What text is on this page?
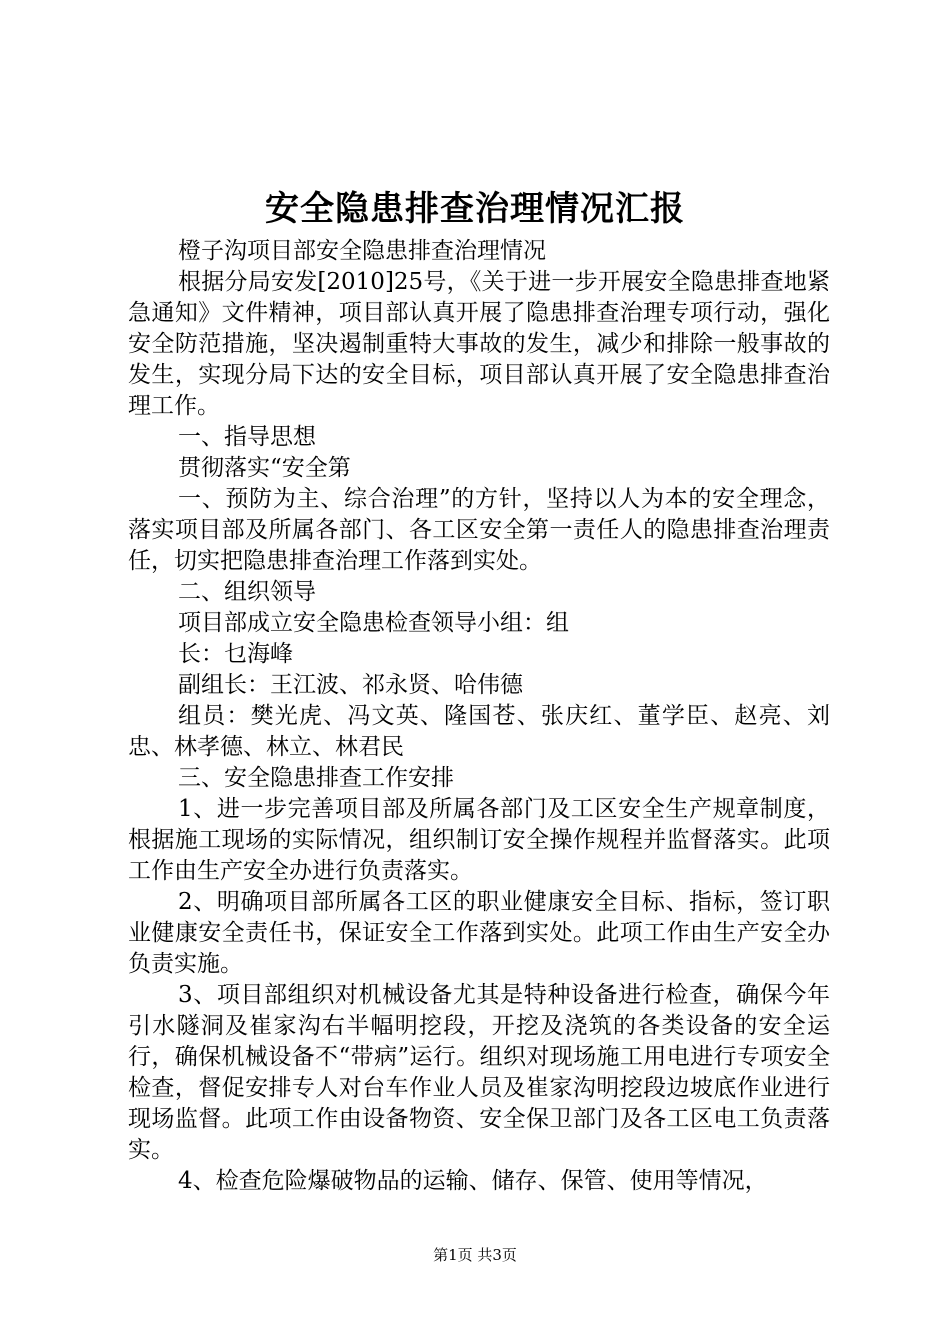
安全隐患排查治理情况汇报

橙子沟项目部安全隐患排查治理情况

根据分局安发[2010]25号，《关于进一步开展安全隐患排查地紧急通知》文件精神，项目部认真开展了隐患排查治理专项行动，强化安全防范措施，坚决遏制重特大事故的发生，减少和排除一般事故的发生，实现分局下达的安全目标，项目部认真开展了安全隐患排查治理工作。

一、指导思想

贯彻落实“安全第

一、预防为主、综合治理”的方针，坚持以人为本的安全理念，落实项目部及所属各部门、各工区安全第一责任人的隐患排查治理责任，切实把隐患排查治理工作落到实处。

二、组织领导

项目部成立安全隐患检查领导小组：组

长：乜海峰

副组长：王江波、祁永贤、哈伟德

组员：樊光虎、冯文英、隆国苍、张庆红、董学臣、赵亮、刘忠、林孝德、林立、林君民

三、安全隐患排查工作安排

1、进一步完善项目部及所属各部门及工区安全生产规章制度，根据施工现场的实际情况，组织制订安全操作规程并监督落实。此项工作由生产安全办进行负责落实。

2、明确项目部所属各工区的职业健康安全目标、指标，签订职业健康安全责任书，保证安全工作落到实处。此项工作由生产安全办负责实施。

3、项目部组织对机械设备尤其是特种设备进行检查，确保今年引水隧洞及崔家沟右半幅明挖段，开挖及浇筑的各类设备的安全运行，确保机械设备不“带病”运行。组织对现场施工用电进行专项安全检查，督促安排专人对台车作业人员及崔家沟明挖段边坡底作业进行现场监督。此项工作由设备物资、安全保卫部门及各工区电工负责落实。

4、检查危险爆破物品的运输、储存、保管、使用等情况，

第1页 共3页
